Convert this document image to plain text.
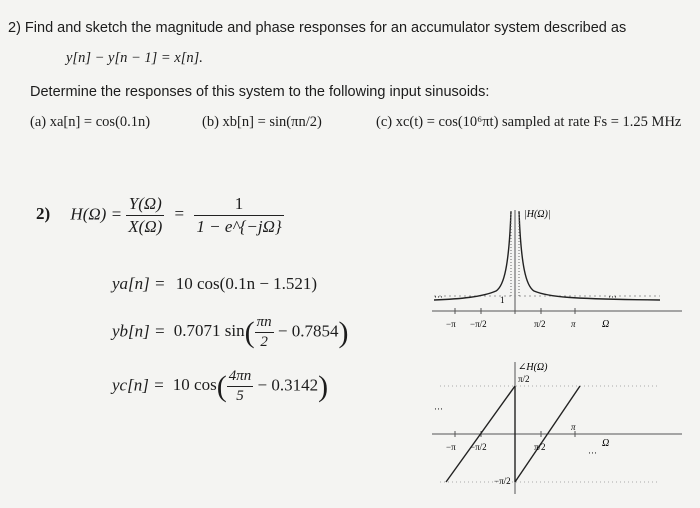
2) Find and sketch the magnitude and phase responses for an accumulator system described as
y[n] − y[n − 1] = x[n].
Determine the responses of this system to the following input sinusoids:
(a) xa[n] = cos(0.1n)	(b) xb[n] = sin(πn/2)	(c) xc(t) = cos(10⁶πt) sampled at rate Fs = 1.25 MHz
2) $H(\Omega) = \frac{Y(\Omega)}{X(\Omega)} = \frac{1}{1 - e\^{}\{-j\Omega\}}$
ya[n] = 10 cos(0.1n − 1.521)
yb[n] = 0.7071 $\sin( \frac{\pi n}{2} - 0.7854)$
yc[n] = 10 $\cos( \frac{4\pi n}{5} - 0.3142)$
|H(Ω)|
1
···	···
−π −π/2	π/2	π	Ω
∠H(Ω)
π/2
−π/2
···
···
−π −π/2	π/2
π
Ω
